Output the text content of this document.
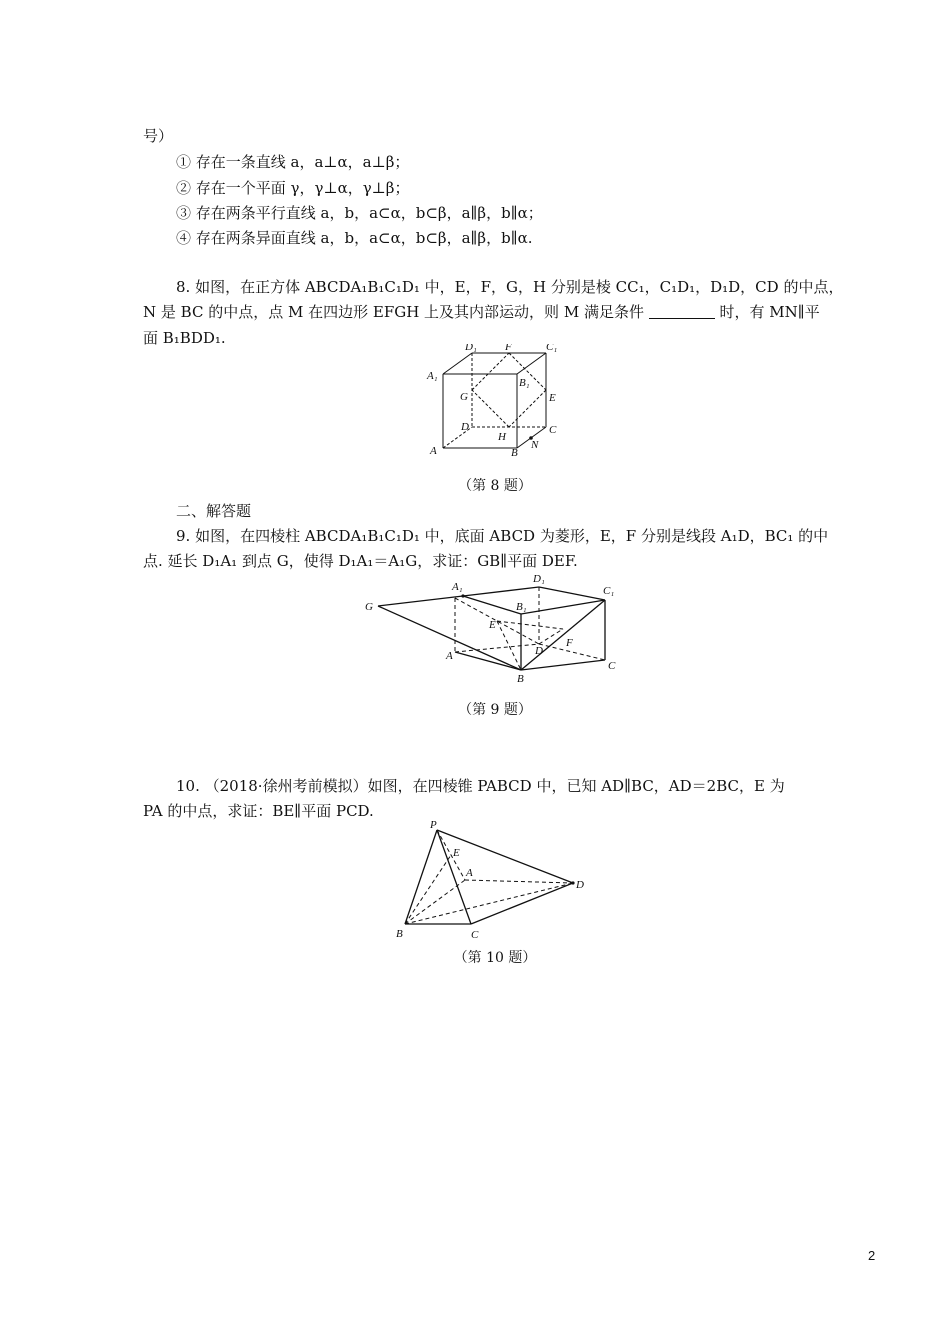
号）
① 存在一条直线 a，a⊥α，a⊥β；
② 存在一个平面 γ，γ⊥α，γ⊥β；
③ 存在两条平行直线 a，b，a⊂α，b⊂β，a∥β，b∥α；
④ 存在两条异面直线 a，b，a⊂α，b⊂β，a∥β，b∥α.
8. 如图，在正方体 ABCDA₁B₁C₁D₁ 中，E，F，G，H 分别是棱 CC₁，C₁D₁，D₁D，CD 的中点，
N 是 BC 的中点，点 M 在四边形 EFGH 上及其内部运动，则 M 满足条件	时，有 MN∥平
面 B₁BDD₁.
A₁
D₁	F	C₁
B₁
G	E
D
H
C
A	B
N
（第 8 题）
二、解答题
9. 如图，在四棱柱 ABCDA₁B₁C₁D₁ 中，底面 ABCD 为菱形，E，F 分别是线段 A₁D，BC₁ 的中
点. 延长 D₁A₁ 到点 G，使得 D₁A₁＝A₁G，求证：GB∥平面 DEF.
G
A₁
D₁
B₁
C₁
E
A	D
F
C
B
（第 9 题）
10. （2018·徐州考前模拟）如图，在四棱锥 PABCD 中，已知 AD∥BC，AD＝2BC，E 为
PA 的中点，求证：BE∥平面 PCD.
P
E
A
D
B	C
（第 10 题）
2
